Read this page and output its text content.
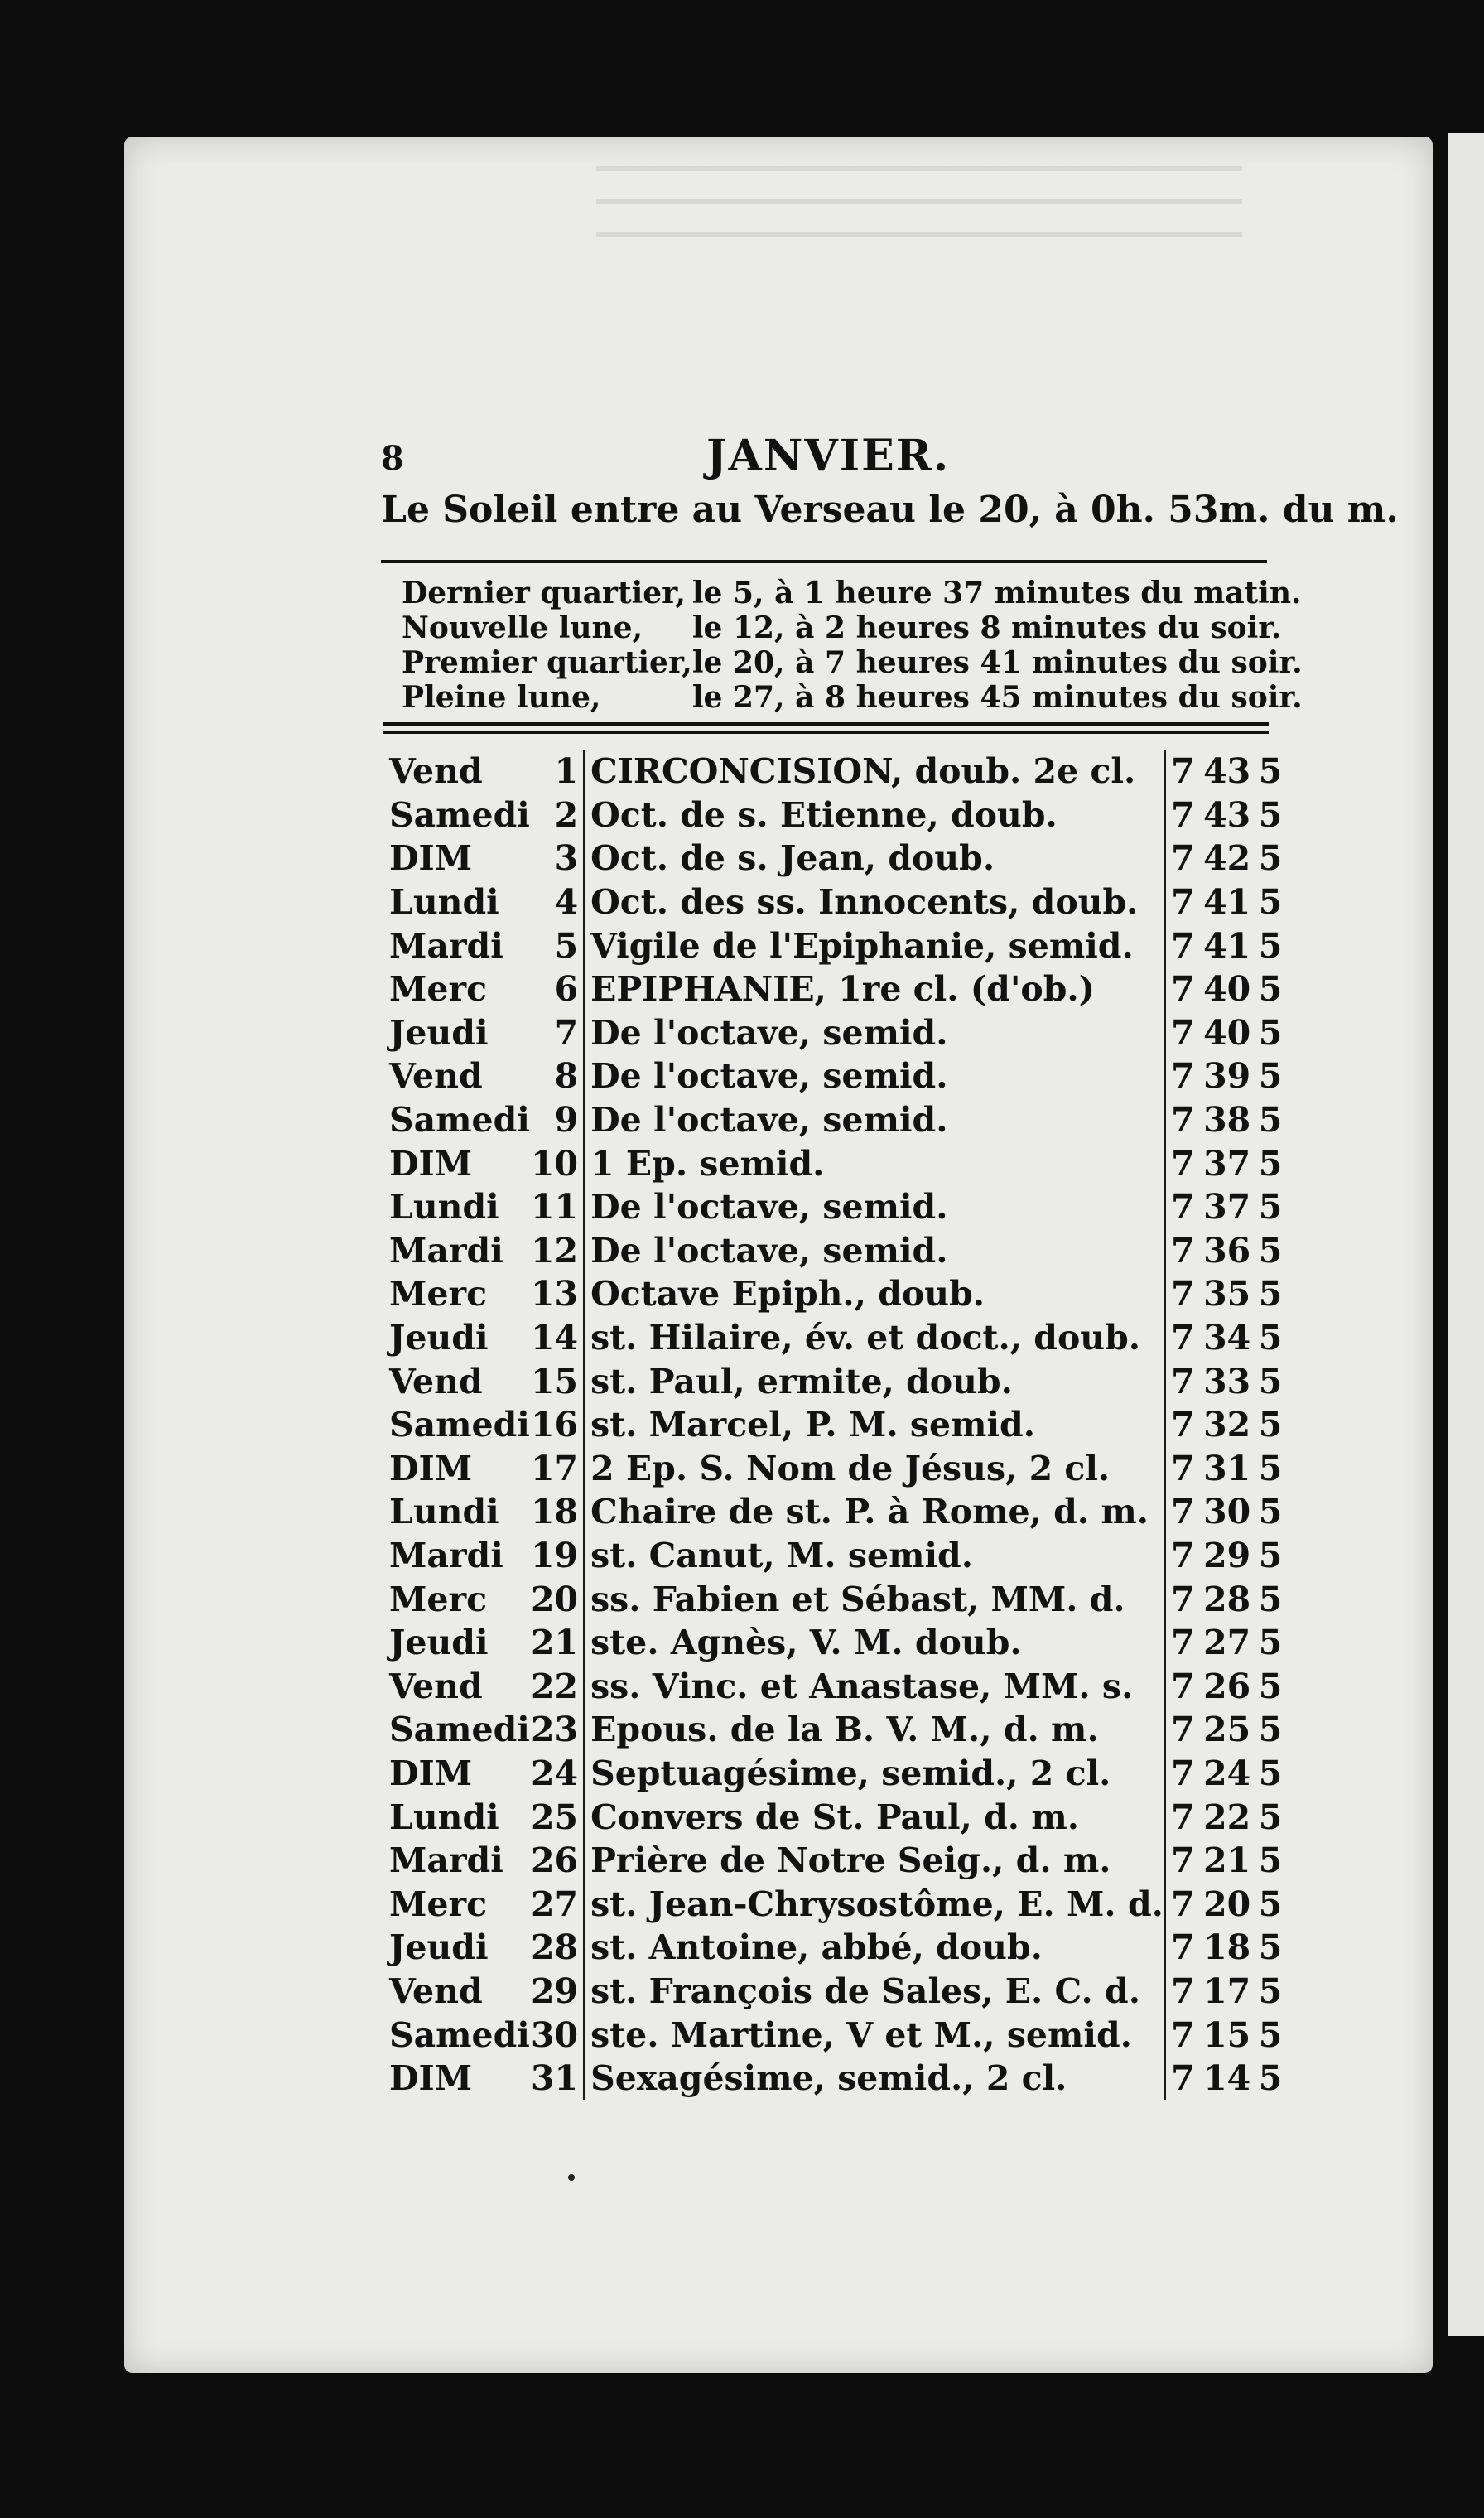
8	JANVIER.
Le Soleil entre au Verseau le 20, à 0h. 53m. du m.
Dernier quartier,	le 5, à 1 heure 37 minutes du matin.
Nouvelle lune,	le 12, à 2 heures 8 minutes du soir.
Premier quartier,	le 20, à 7 heures 41 minutes du soir.
Pleine lune,	le 27, à 8 heures 45 minutes du soir.
Vend	1	CIRCONCISION, doub. 2e cl.	7	43	5
Samedi	2	Oct. de s. Etienne, doub.	7	43	5
DIM	3	Oct. de s. Jean, doub.	7	42	5
Lundi	4	Oct. des ss. Innocents, doub.	7	41	5
Mardi	5	Vigile de l'Epiphanie, semid.	7	41	5
Merc	6	EPIPHANIE, 1re cl. (d'ob.)	7	40	5
Jeudi	7	De l'octave, semid.	7	40	5
Vend	8	De l'octave, semid.	7	39	5
Samedi	9	De l'octave, semid.	7	38	5
DIM	10	1 Ep. semid.	7	37	5
Lundi	11	De l'octave, semid.	7	37	5
Mardi	12	De l'octave, semid.	7	36	5
Merc	13	Octave Epiph., doub.	7	35	5
Jeudi	14	st. Hilaire, év. et doct., doub.	7	34	5
Vend	15	st. Paul, ermite, doub.	7	33	5
Samedi	16	st. Marcel, P. M. semid.	7	32	5
DIM	17	2 Ep. S. Nom de Jésus, 2 cl.	7	31	5
Lundi	18	Chaire de st. P. à Rome, d. m.	7	30	5
Mardi	19	st. Canut, M. semid.	7	29	5
Merc	20	ss. Fabien et Sébast, MM. d.	7	28	5
Jeudi	21	ste. Agnès, V. M. doub.	7	27	5
Vend	22	ss. Vinc. et Anastase, MM. s.	7	26	5
Samedi	23	Epous. de la B. V. M., d. m.	7	25	5
DIM	24	Septuagésime, semid., 2 cl.	7	24	5
Lundi	25	Convers de St. Paul, d. m.	7	22	5
Mardi	26	Prière de Notre Seig., d. m.	7	21	5
Merc	27	st. Jean-Chrysostôme, E. M. d.	7	20	5
Jeudi	28	st. Antoine, abbé, doub.	7	18	5
Vend	29	st. François de Sales, E. C. d.	7	17	5
Samedi	30	ste. Martine, V et M., semid.	7	15	5
DIM	31	Sexagésime, semid., 2 cl.	7	14	5
